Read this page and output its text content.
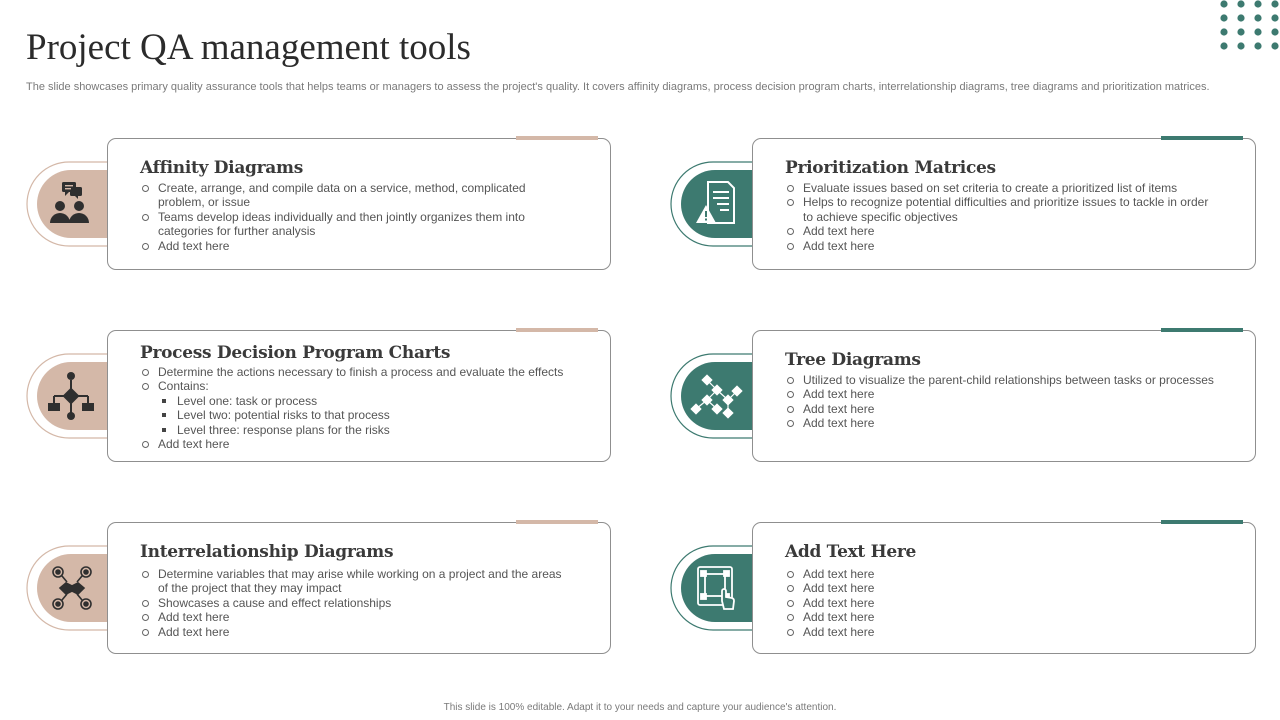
Project QA management tools
The slide showcases primary quality assurance tools that helps teams or managers to assess the project's quality. It covers affinity diagrams, process decision program charts, interrelationship diagrams, tree diagrams and prioritization matrices.
Affinity Diagrams
Create, arrange, and compile data on a service, method, complicated problem, or issue
Teams develop ideas individually and then jointly organizes them into categories for further analysis
Add text here
Prioritization Matrices
Evaluate issues based on set criteria to create a prioritized list of items
Helps to recognize potential difficulties and prioritize issues to tackle in order to achieve specific objectives
Add text here
Add text here
Process Decision Program Charts
Determine the actions necessary to finish a process and evaluate the effects
Contains:
Level one: task or process
Level two: potential risks to that process
Level three: response plans for the risks
Add text here
Tree Diagrams
Utilized to visualize the parent-child relationships between tasks or processes
Add text here
Add text here
Add text here
Interrelationship Diagrams
Determine variables that may arise while working on a project and the areas of the project that they may impact
Showcases a cause and effect relationships
Add text here
Add text here
Add Text Here
Add text here
Add text here
Add text here
Add text here
Add text here
This slide is 100% editable. Adapt it to your needs and capture your audience's attention.
